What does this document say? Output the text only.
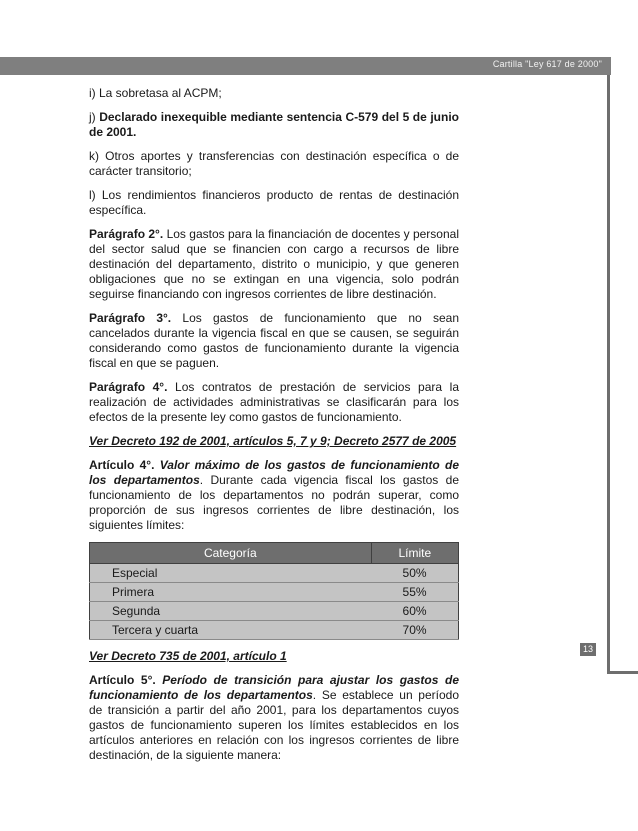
Cartilla "Ley 617 de 2000"
13

i) La sobretasa al ACPM;

j) Declarado inexequible mediante sentencia C-579 del 5 de junio de 2001.

k) Otros aportes y transferencias con destinación específica o de carácter transitorio;

l) Los rendimientos financieros producto de rentas de destinación específica.

Parágrafo 2°. Los gastos para la financiación de docentes y personal del sector salud que se financien con cargo a recursos de libre destinación del departamento, distrito o municipio, y que generen obligaciones que no se extingan en una vigencia, solo podrán seguirse financiando con ingresos corrientes de libre destinación.

Parágrafo 3°. Los gastos de funcionamiento que no sean cancelados durante la vigencia fiscal en que se causen, se seguirán considerando como gastos de funcionamiento durante la vigencia fiscal en que se paguen.

Parágrafo 4°. Los contratos de prestación de servicios para la realización de actividades administrativas se clasificarán para los efectos de la presente ley como gastos de funcionamiento.

Ver Decreto 192 de 2001, artículos 5, 7 y 9; Decreto 2577 de 2005

Artículo 4°. Valor máximo de los gastos de funcionamiento de los departamentos. Durante cada vigencia fiscal los gastos de funcionamiento de los departamentos no podrán superar, como proporción de sus ingresos corrientes de libre destinación, los siguientes límites:

Categoría	Límite
Especial	50%
Primera	55%
Segunda	60%
Tercera y cuarta	70%

Ver Decreto 735 de 2001, artículo 1

Artículo 5°. Período de transición para ajustar los gastos de funcionamiento de los departamentos. Se establece un período de transición a partir del año 2001, para los departamentos cuyos gastos de funcionamiento superen los límites establecidos en los artículos anteriores en relación con los ingresos corrientes de libre destinación, de la siguiente manera:
